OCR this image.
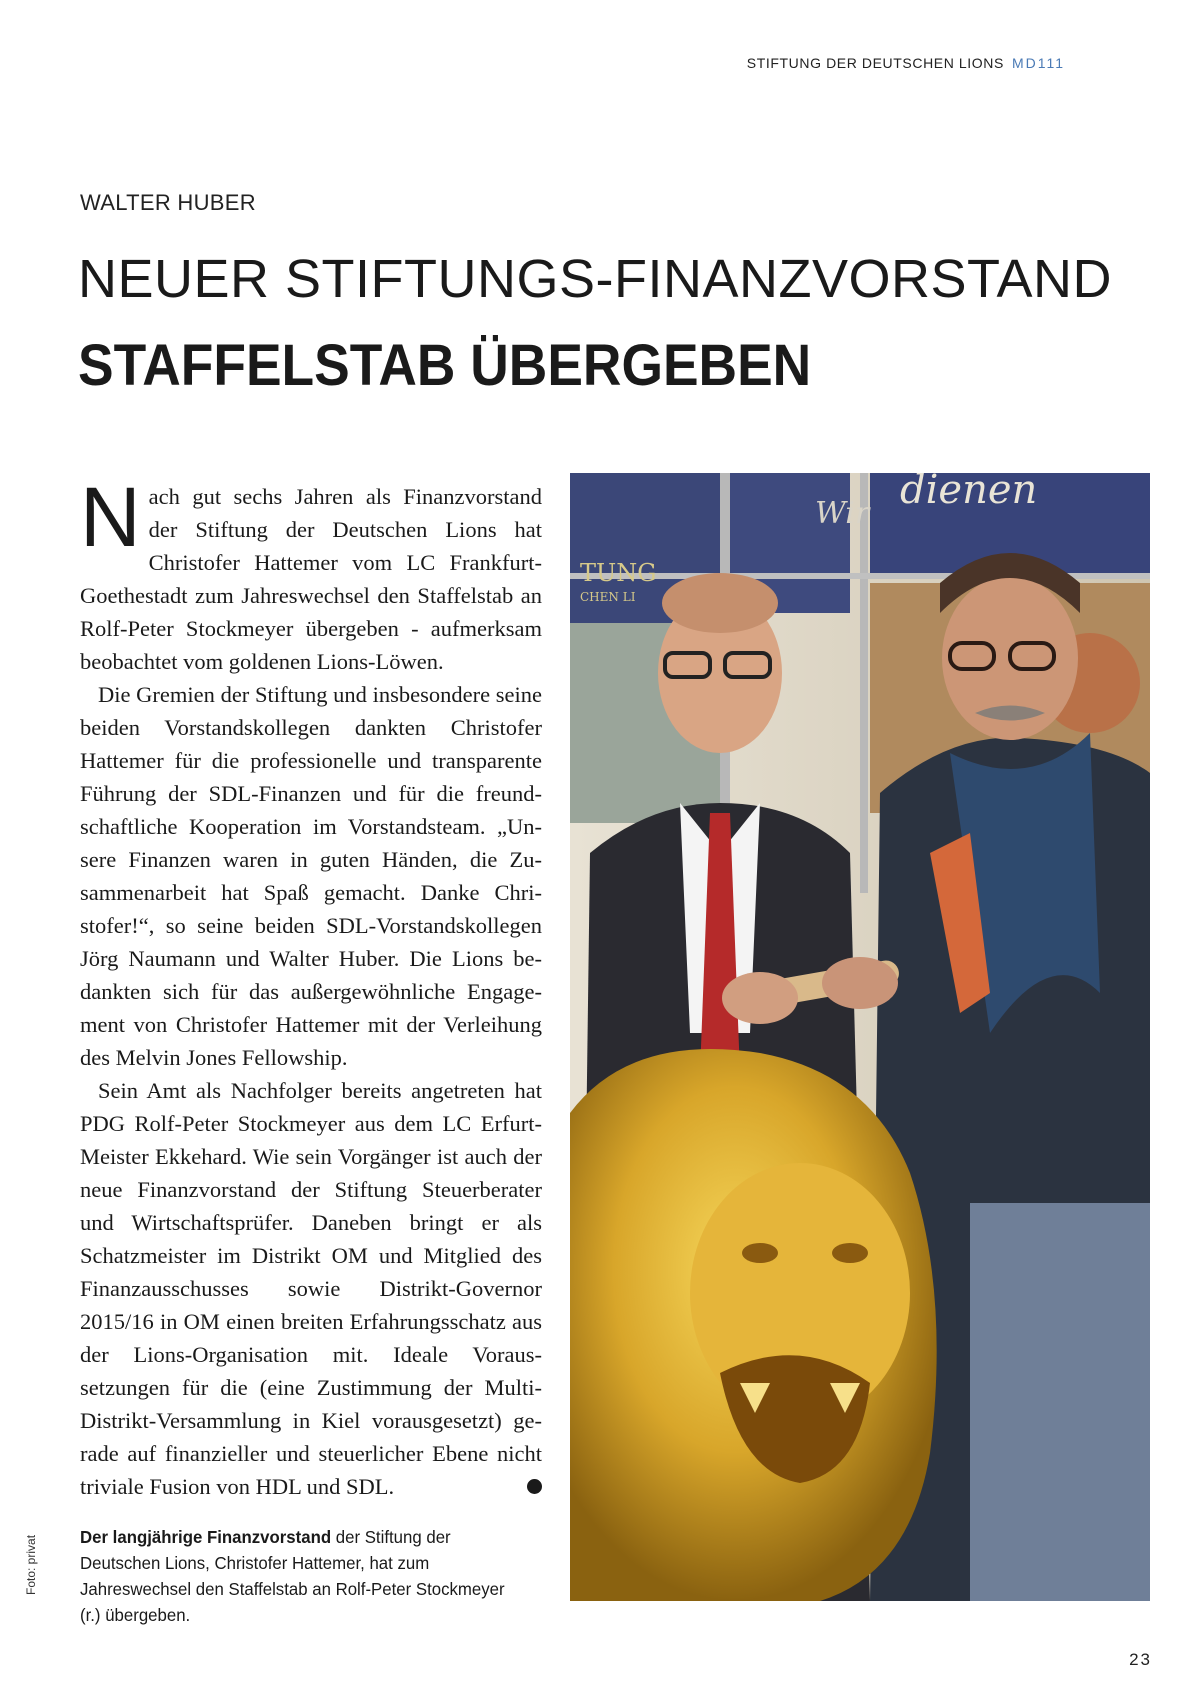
STIFTUNG DER DEUTSCHEN LIONS MD111
WALTER HUBER
NEUER STIFTUNGS-FINANZVORSTAND
STAFFELSTAB ÜBERGEBEN

Nach gut sechs Jahren als Finanzvorstand der Stiftung der Deutschen Lions hat Christofer Hattemer vom LC Frankfurt-Goethestadt zum Jahreswechsel den Staffelstab an Rolf-Peter Stockmeyer übergeben - aufmerksam beobachtet vom goldenen Lions-Löwen.

Die Gremien der Stiftung und insbesondere seine beiden Vorstandskollegen dankten Christofer Hattemer für die professionelle und transparente Führung der SDL-Finanzen und für die freundschaftliche Kooperation im Vorstandsteam. „Unsere Finanzen waren in guten Händen, die Zusammenarbeit hat Spaß gemacht. Danke Christofer!“, so seine beiden SDL-Vorstandskollegen Jörg Naumann und Walter Huber. Die Lions bedankten sich für das außergewöhnliche Engagement von Christofer Hattemer mit der Verleihung des Melvin Jones Fellowship.

Sein Amt als Nachfolger bereits angetreten hat PDG Rolf-Peter Stockmeyer aus dem LC Erfurt-Meister Ekkehard. Wie sein Vorgänger ist auch der neue Finanzvorstand der Stiftung Steuerberater und Wirtschaftsprüfer. Daneben bringt er als Schatzmeister im Distrikt OM und Mitglied des Finanzausschusses sowie Distrikt-Governor 2015/16 in OM einen breiten Erfahrungsschatz aus der Lions-Organisation mit. Ideale Voraussetzungen für die (eine Zustimmung der Multi-Distrikt-Versammlung in Kiel vorausgesetzt) gerade auf finanzieller und steuerlicher Ebene nicht triviale Fusion von HDL und SDL.	L

dienen
Wir
TUNG
CHEN LI
Der langjährige Finanzvorstand der Stiftung der Deutschen Lions, Christofer Hattemer, hat zum Jahreswechsel den Staffelstab an Rolf-Peter Stockmeyer (r.) übergeben.
Foto: privat
23
